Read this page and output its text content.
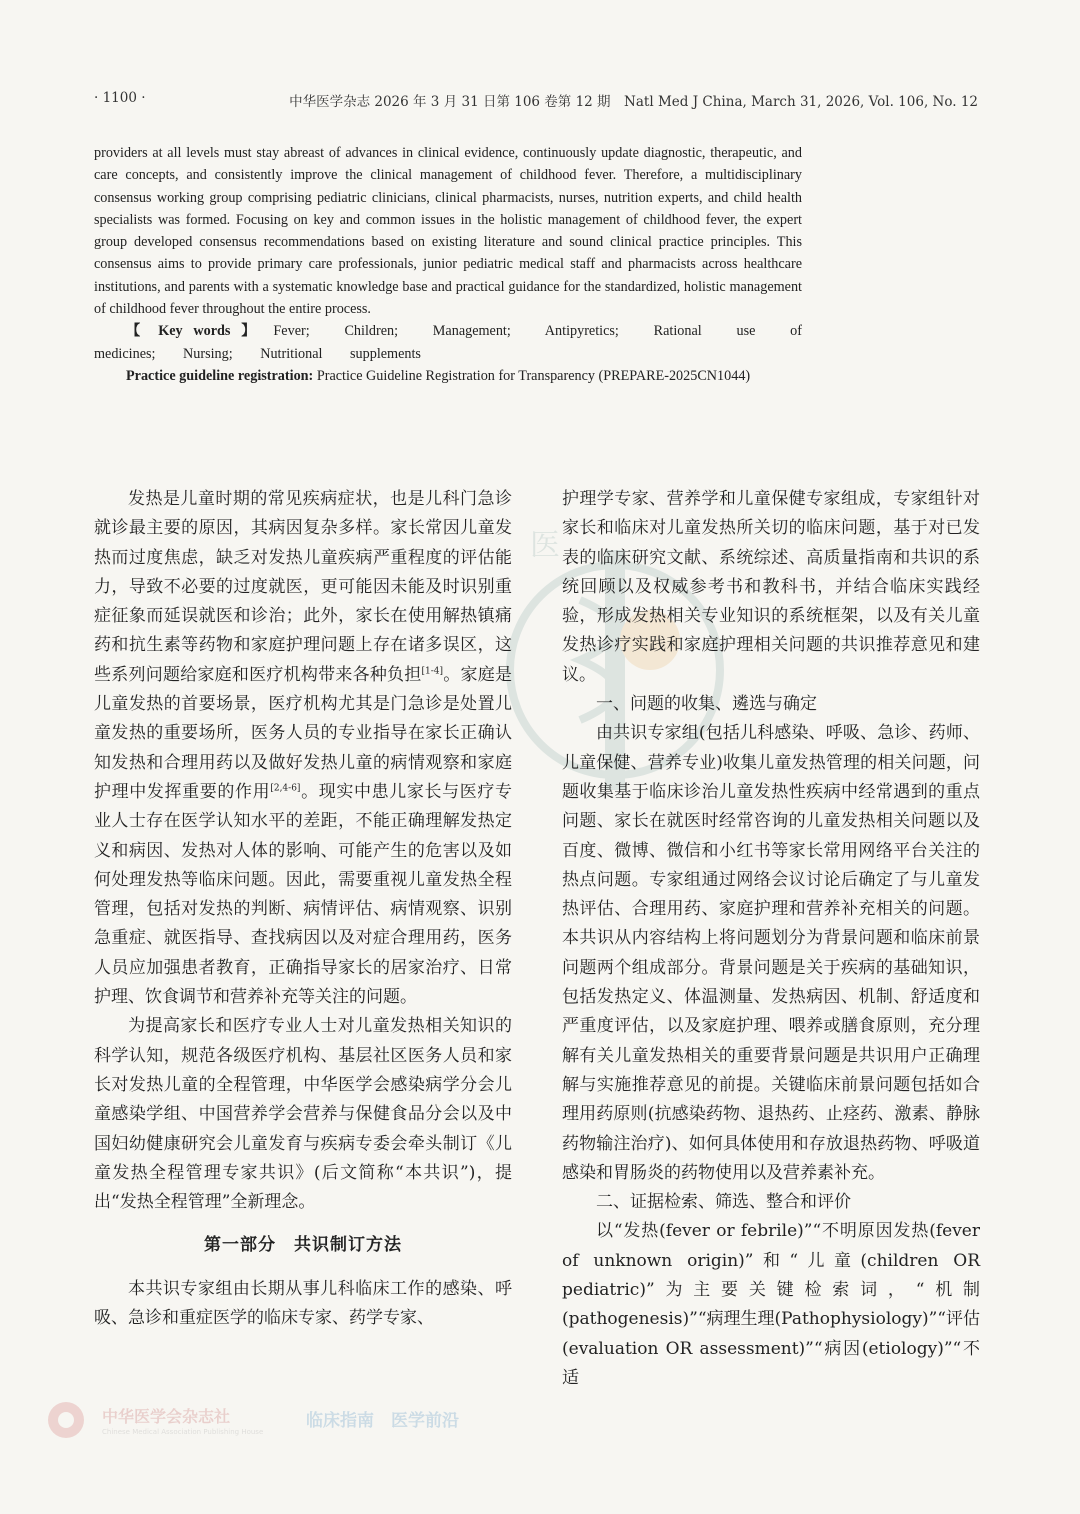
· 1100 ·	中华医学杂志 2026 年 3 月 31 日第 106 卷第 12 期　Natl Med J China, March 31, 2026, Vol. 106, No. 12
医

providers at all levels must stay abreast of advances in clinical evidence, continuously update diagnostic, therapeutic, and care concepts, and consistently improve the clinical management of childhood fever. Therefore, a multidisciplinary consensus working group comprising pediatric clinicians, clinical pharmacists, nurses, nutrition experts, and child health specialists was formed. Focusing on key and common issues in the holistic management of childhood fever, the expert group developed consensus recommendations based on existing literature and sound clinical practice principles. This consensus aims to provide primary care professionals, junior pediatric medical staff and pharmacists across healthcare institutions, and parents with a systematic knowledge base and practical guidance for the standardized, holistic management of childhood fever throughout the entire process.

【 Key words 】 Fever; Children; Management; Antipyretics; Rational use of medicines; Nursing; Nutritional supplements

Practice guideline registration: Practice Guideline Registration for Transparency (PREPARE-2025CN1044)

发热是儿童时期的常见疾病症状，也是儿科门急诊就诊最主要的原因，其病因复杂多样。家长常因儿童发热而过度焦虑，缺乏对发热儿童疾病严重程度的评估能力，导致不必要的过度就医，更可能因未能及时识别重症征象而延误就医和诊治；此外，家长在使用解热镇痛药和抗生素等药物和家庭护理问题上存在诸多误区，这些系列问题给家庭和医疗机构带来各种负担[1-4]。家庭是儿童发热的首要场景，医疗机构尤其是门急诊是处置儿童发热的重要场所，医务人员的专业指导在家长正确认知发热和合理用药以及做好发热儿童的病情观察和家庭护理中发挥重要的作用[2,4-6]。现实中患儿家长与医疗专业人士存在医学认知水平的差距，不能正确理解发热定义和病因、发热对人体的影响、可能产生的危害以及如何处理发热等临床问题。因此，需要重视儿童发热全程管理，包括对发热的判断、病情评估、病情观察、识别急重症、就医指导、查找病因以及对症合理用药，医务人员应加强患者教育，正确指导家长的居家治疗、日常护理、饮食调节和营养补充等关注的问题。

为提高家长和医疗专业人士对儿童发热相关知识的科学认知，规范各级医疗机构、基层社区医务人员和家长对发热儿童的全程管理，中华医学会感染病学分会儿童感染学组、中国营养学会营养与保健食品分会以及中国妇幼健康研究会儿童发育与疾病专委会牵头制订《儿童发热全程管理专家共识》(后文简称“本共识”)，提出“发热全程管理”全新理念。

第一部分　共识制订方法

本共识专家组由长期从事儿科临床工作的感染、呼吸、急诊和重症医学的临床专家、药学专家、

护理学专家、营养学和儿童保健专家组成，专家组针对家长和临床对儿童发热所关切的临床问题，基于对已发表的临床研究文献、系统综述、高质量指南和共识的系统回顾以及权威参考书和教科书，并结合临床实践经验，形成发热相关专业知识的系统框架，以及有关儿童发热诊疗实践和家庭护理相关问题的共识推荐意见和建议。

一、问题的收集、遴选与确定

由共识专家组(包括儿科感染、呼吸、急诊、药师、儿童保健、营养专业)收集儿童发热管理的相关问题，问题收集基于临床诊治儿童发热性疾病中经常遇到的重点问题、家长在就医时经常咨询的儿童发热相关问题以及百度、微博、微信和小红书等家长常用网络平台关注的热点问题。专家组通过网络会议讨论后确定了与儿童发热评估、合理用药、家庭护理和营养补充相关的问题。本共识从内容结构上将问题划分为背景问题和临床前景问题两个组成部分。背景问题是关于疾病的基础知识，包括发热定义、体温测量、发热病因、机制、舒适度和严重度评估，以及家庭护理、喂养或膳食原则，充分理解有关儿童发热相关的重要背景问题是共识用户正确理解与实施推荐意见的前提。关键临床前景问题包括如合理用药原则(抗感染药物、退热药、止痉药、激素、静脉药物输注治疗)、如何具体使用和存放退热药物、呼吸道感染和胃肠炎的药物使用以及营养素补充。

二、证据检索、筛选、整合和评价

以“发热(fever or febrile)”“不明原因发热(fever of unknown origin)”和“儿童(children OR pediatric)”为主要关键检索词，“机制(pathogenesis)”“病理生理(Pathophysiology)”“评估(evaluation OR assessment)”“病因(etiology)”“不适

中华医学会杂志社
Chinese Medical Association Publishing House
临床指南　医学前沿
